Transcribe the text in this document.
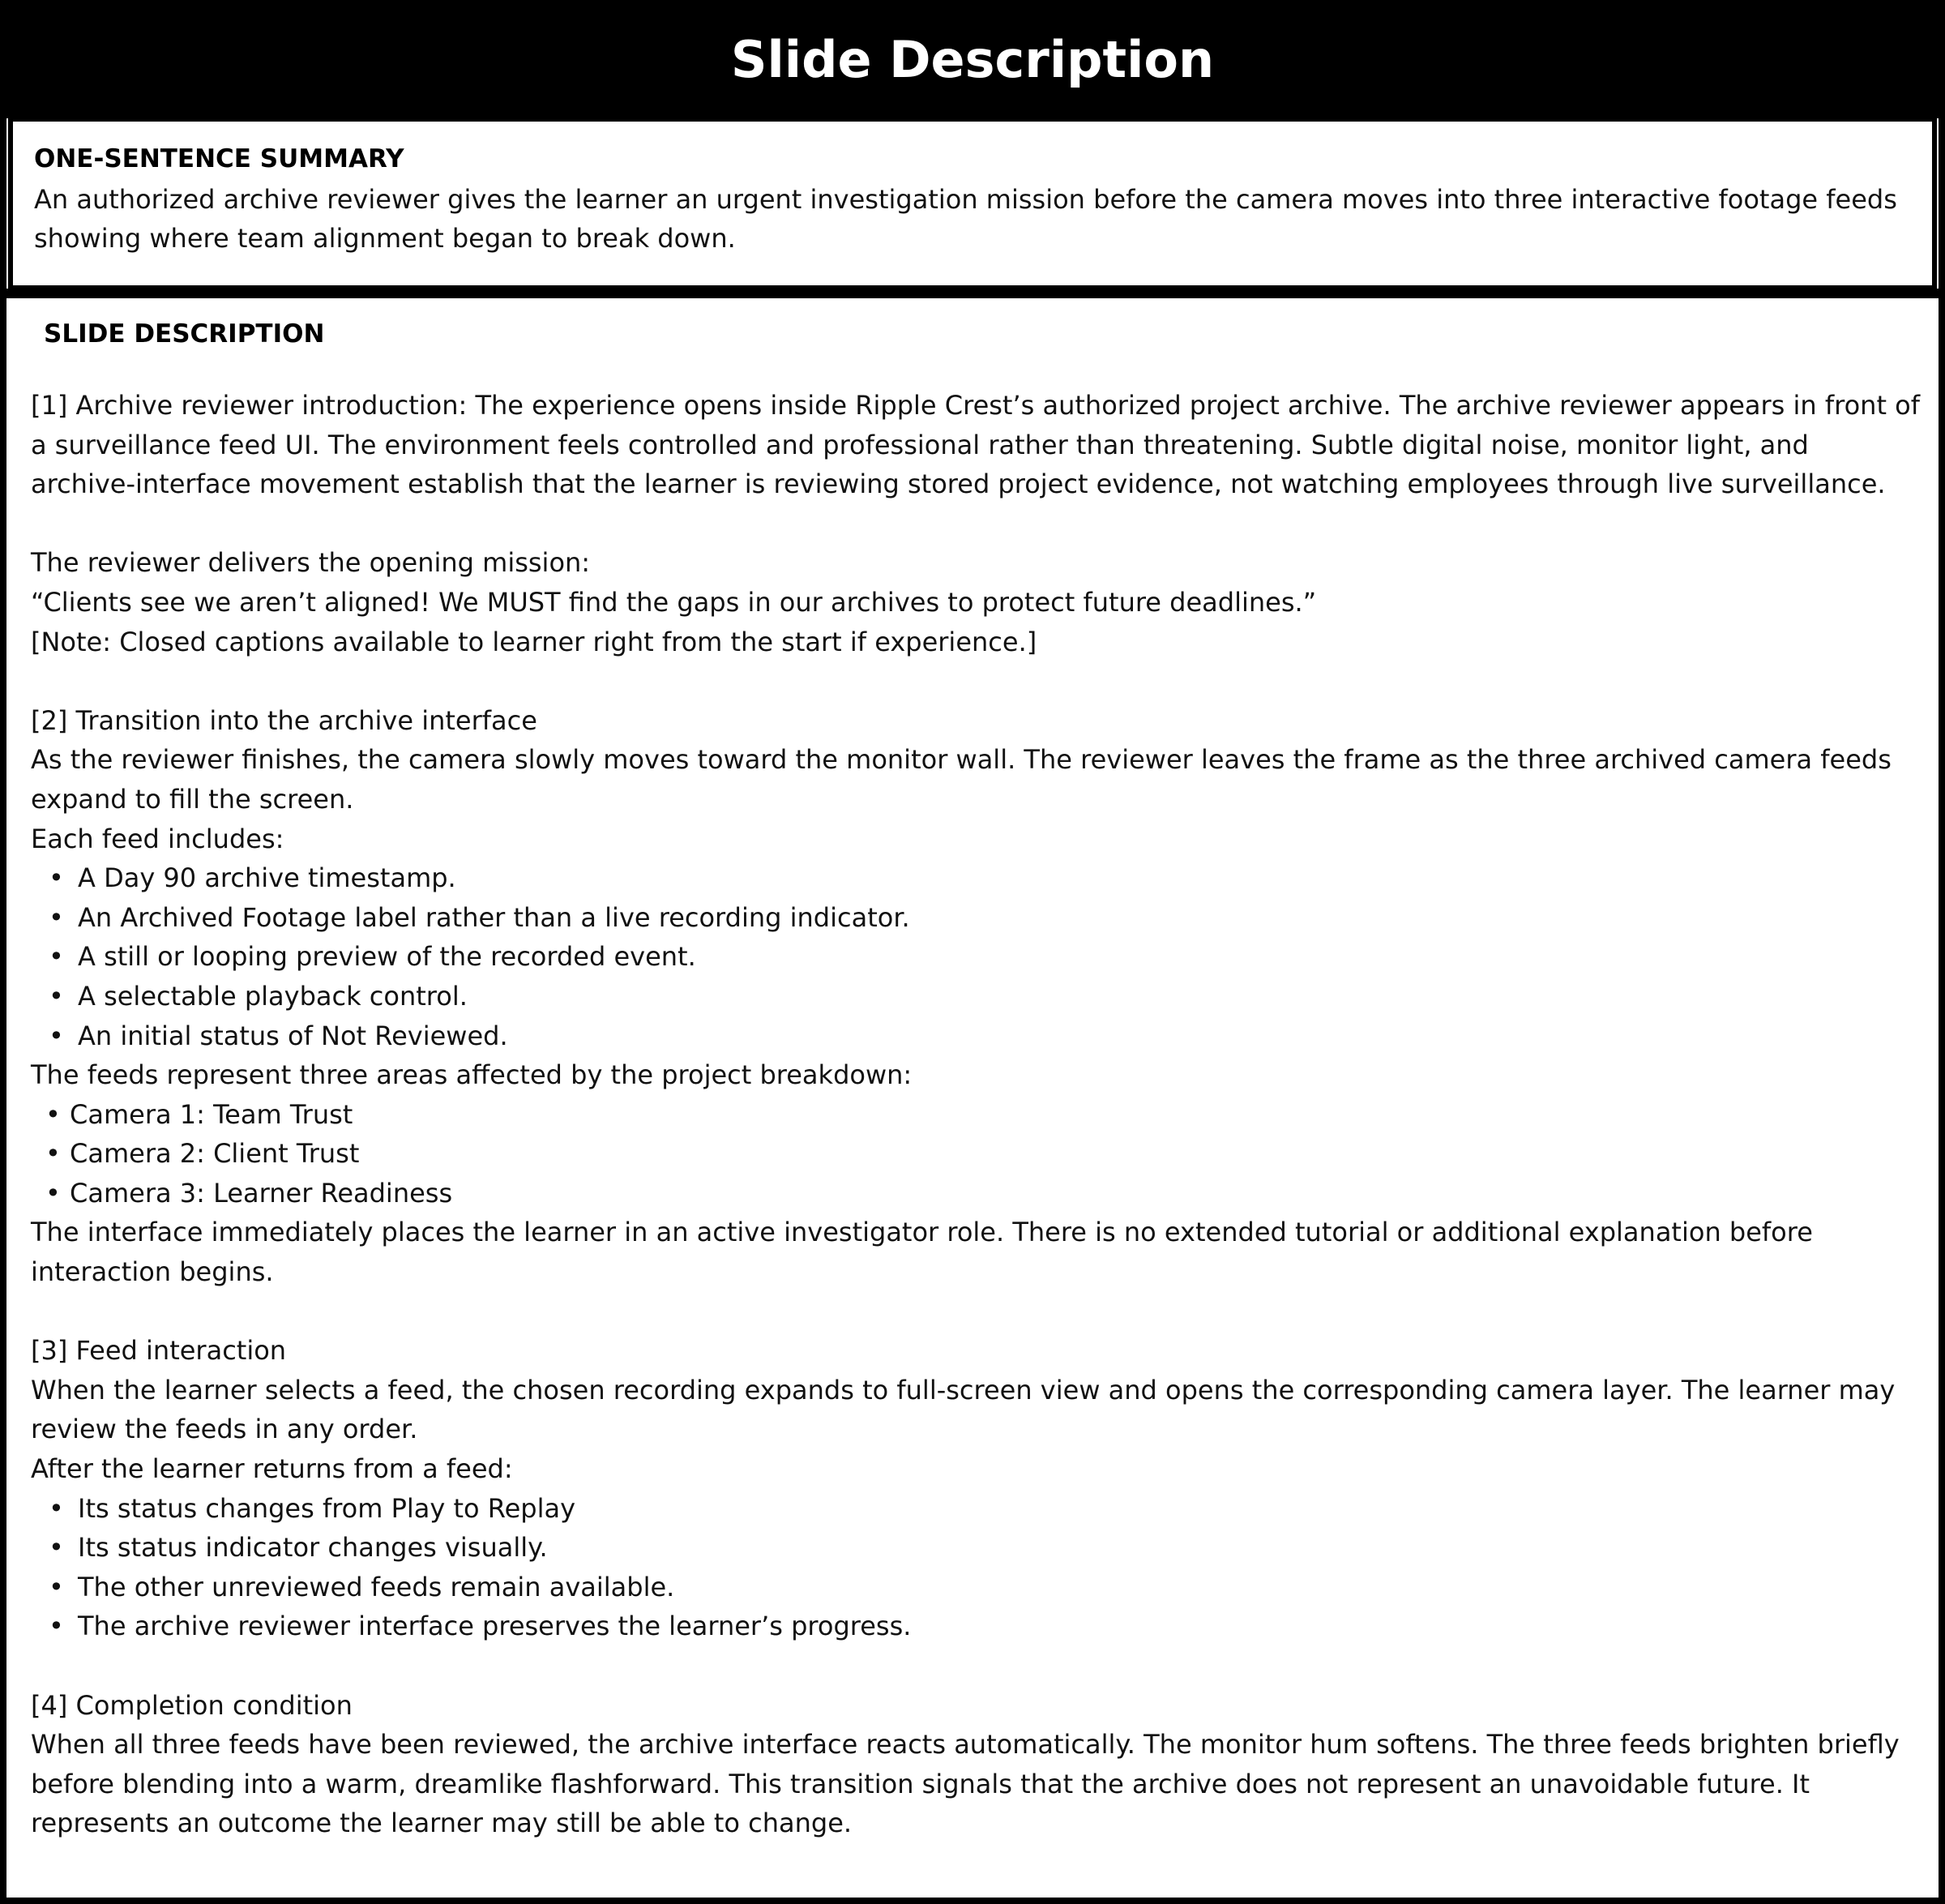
Slide Description
ONE-SENTENCE SUMMARY

An authorized archive reviewer gives the learner an urgent investigation mission before the camera moves into three interactive footage feeds showing where team alignment began to break down.

SLIDE DESCRIPTION

[1] Archive reviewer introduction: The experience opens inside Ripple Crest’s authorized project archive. The archive reviewer appears in front of a surveillance feed UI. The environment feels controlled and professional rather than threatening. Subtle digital noise, monitor light, and archive-interface movement establish that the learner is reviewing stored project evidence, not watching employees through live surveillance.

The reviewer delivers the opening mission:

“Clients see we aren’t aligned! We MUST find the gaps in our archives to protect future deadlines.”

[Note: Closed captions available to learner right from the start if experience.]

[2] Transition into the archive interface

As the reviewer finishes, the camera slowly moves toward the monitor wall. The reviewer leaves the frame as the three archived camera feeds expand to fill the screen.

Each feed includes:

• A Day 90 archive timestamp.
• An Archived Footage label rather than a live recording indicator.
• A still or looping preview of the recorded event.
• A selectable playback control.
• An initial status of Not Reviewed.

The feeds represent three areas affected by the project breakdown:

• Camera 1: Team Trust
• Camera 2: Client Trust
• Camera 3: Learner Readiness

The interface immediately places the learner in an active investigator role. There is no extended tutorial or additional explanation before interaction begins.

[3] Feed interaction

When the learner selects a feed, the chosen recording expands to full-screen view and opens the corresponding camera layer. The learner may review the feeds in any order.

After the learner returns from a feed:

• Its status changes from Play to Replay
• Its status indicator changes visually.
• The other unreviewed feeds remain available.
• The archive reviewer interface preserves the learner’s progress.

[4] Completion condition

When all three feeds have been reviewed, the archive interface reacts automatically. The monitor hum softens. The three feeds brighten briefly before blending into a warm, dreamlike flashforward. This transition signals that the archive does not represent an unavoidable future. It represents an outcome the learner may still be able to change.
